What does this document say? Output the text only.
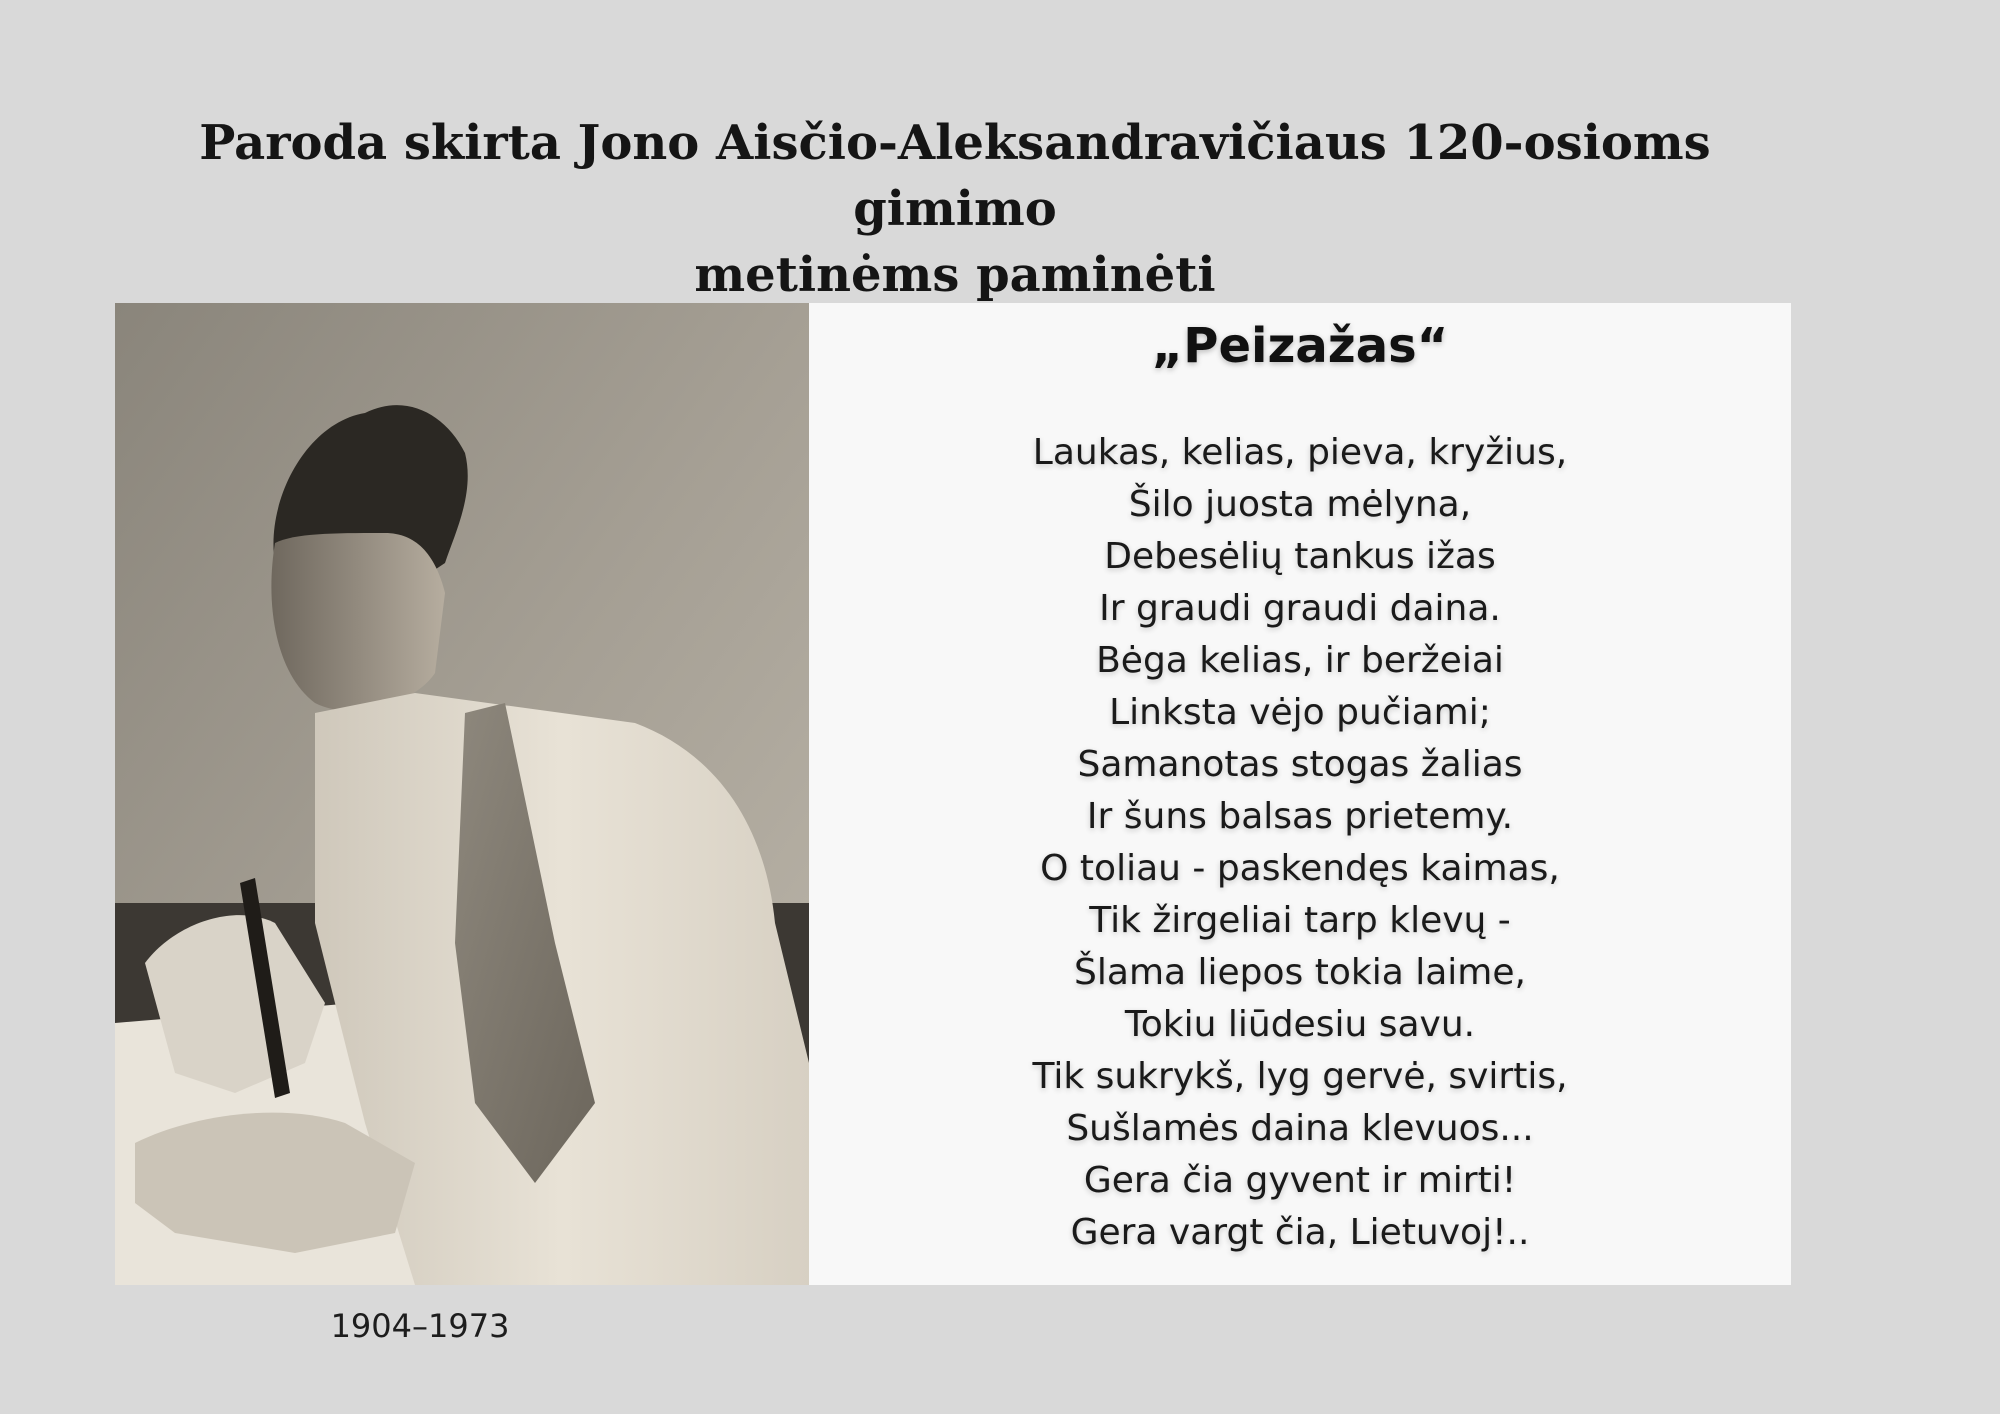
Paroda skirta Jono Aisčio-Aleksandravičiaus 120-osioms gimimo
metinėms paminėti
1904–1973
„Peizažas“
Laukas, kelias, pieva, kryžius,
Šilo juosta mėlyna,
Debesėlių tankus ižas
Ir graudi graudi daina.
Bėga kelias, ir beržeiai
Linksta vėjo pučiami;
Samanotas stogas žalias
Ir šuns balsas prietemy.
O toliau - paskendęs kaimas,
Tik žirgeliai tarp klevų -
Šlama liepos tokia laime,
Tokiu liūdesiu savu.
Tik sukrykš, lyg gervė, svirtis,
Sušlamės daina klevuos...
Gera čia gyvent ir mirti!
Gera vargt čia, Lietuvoj!..
